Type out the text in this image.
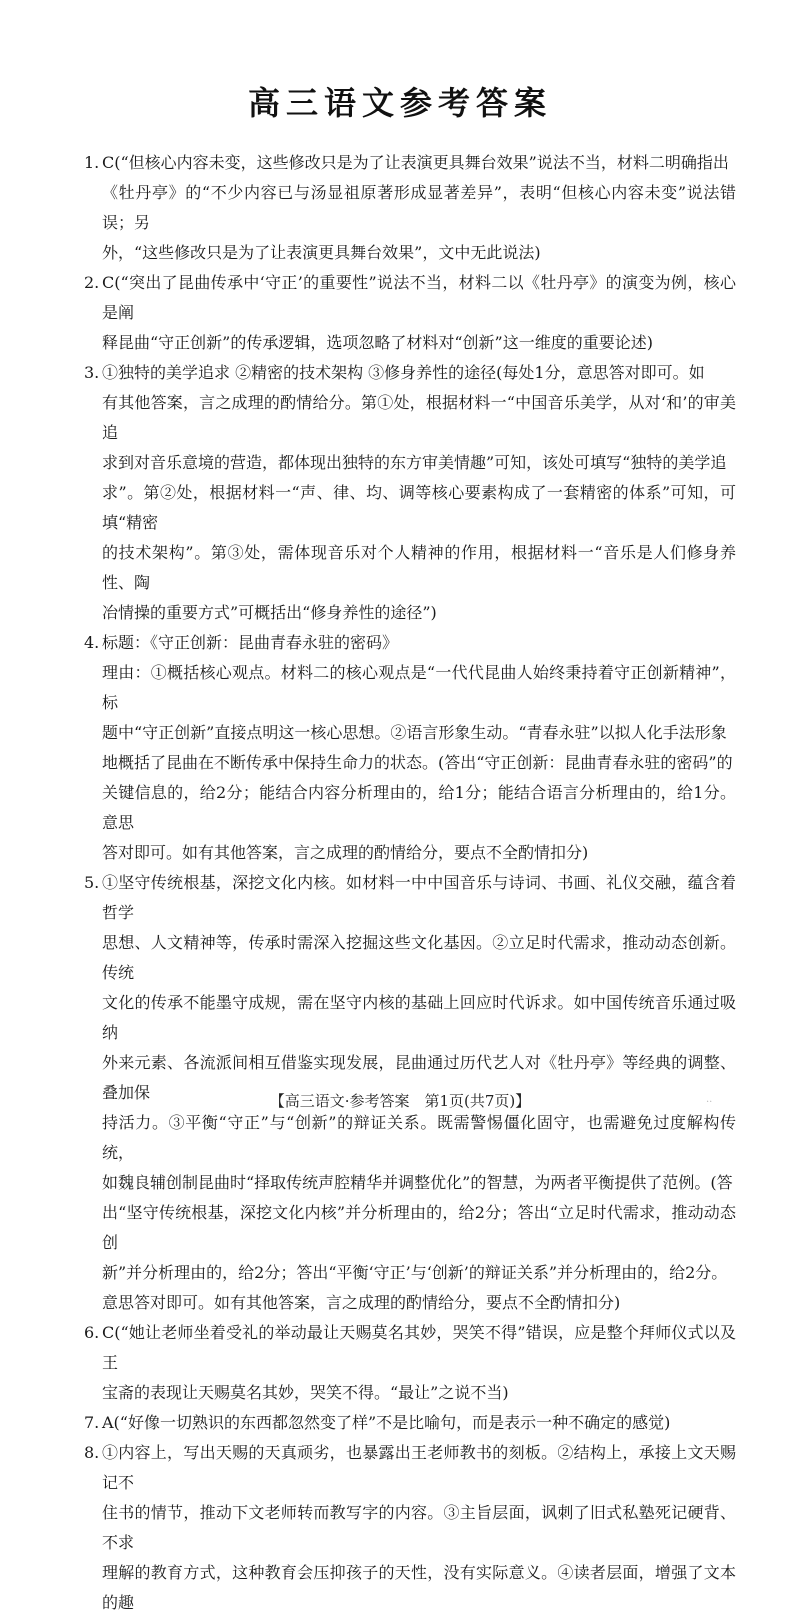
高三语文参考答案
1. C(“但核心内容未变，这些修改只是为了让表演更具舞台效果”说法不当，材料二明确指出
《牡丹亭》的“不少内容已与汤显祖原著形成显著差异”，表明“但核心内容未变”说法错误；另
外，“这些修改只是为了让表演更具舞台效果”，文中无此说法)
2. C(“突出了昆曲传承中‘守正’的重要性”说法不当，材料二以《牡丹亭》的演变为例，核心是阐
释昆曲“守正创新”的传承逻辑，选项忽略了材料对“创新”这一维度的重要论述)
3. ①独特的美学追求 ②精密的技术架构 ③修身养性的途径(每处1分，意思答对即可。如
有其他答案，言之成理的酌情给分。第①处，根据材料一“中国音乐美学，从对‘和’的审美追
求到对音乐意境的营造，都体现出独特的东方审美情趣”可知，该处可填写“独特的美学追
求”。第②处，根据材料一“声、律、均、调等核心要素构成了一套精密的体系”可知，可填“精密
的技术架构”。第③处，需体现音乐对个人精神的作用，根据材料一“音乐是人们修身养性、陶
冶情操的重要方式”可概括出“修身养性的途径”)
4. 标题：《守正创新：昆曲青春永驻的密码》
理由：①概括核心观点。材料二的核心观点是“一代代昆曲人始终秉持着守正创新精神”，标
题中“守正创新”直接点明这一核心思想。②语言形象生动。“青春永驻”以拟人化手法形象
地概括了昆曲在不断传承中保持生命力的状态。(答出“守正创新：昆曲青春永驻的密码”的
关键信息的，给2分；能结合内容分析理由的，给1分；能结合语言分析理由的，给1分。意思
答对即可。如有其他答案，言之成理的酌情给分，要点不全酌情扣分)
5. ①坚守传统根基，深挖文化内核。如材料一中中国音乐与诗词、书画、礼仪交融，蕴含着哲学
思想、人文精神等，传承时需深入挖掘这些文化基因。②立足时代需求，推动动态创新。传统
文化的传承不能墨守成规，需在坚守内核的基础上回应时代诉求。如中国传统音乐通过吸纳
外来元素、各流派间相互借鉴实现发展，昆曲通过历代艺人对《牡丹亭》等经典的调整、叠加保
持活力。③平衡“守正”与“创新”的辩证关系。既需警惕僵化固守，也需避免过度解构传统，
如魏良辅创制昆曲时“择取传统声腔精华并调整优化”的智慧，为两者平衡提供了范例。(答
出“坚守传统根基，深挖文化内核”并分析理由的，给2分；答出“立足时代需求，推动动态创
新”并分析理由的，给2分；答出“平衡‘守正’与‘创新’的辩证关系”并分析理由的，给2分。
意思答对即可。如有其他答案，言之成理的酌情给分，要点不全酌情扣分)
6. C(“她让老师坐着受礼的举动最让天赐莫名其妙，哭笑不得”错误，应是整个拜师仪式以及王
宝斋的表现让天赐莫名其妙，哭笑不得。“最让”之说不当)
7. A(“好像一切熟识的东西都忽然变了样”不是比喻句，而是表示一种不确定的感觉)
8. ①内容上，写出天赐的天真顽劣，也暴露出王老师教书的刻板。②结构上，承接上文天赐记不
住书的情节，推动下文老师转而教写字的内容。③主旨层面，讽刺了旧式私塾死记硬背、不求
理解的教育方式，这种教育会压抑孩子的天性，没有实际意义。④读者层面，增强了文本的趣
【高三语文·参考答案　第1页(共7页)】	..
